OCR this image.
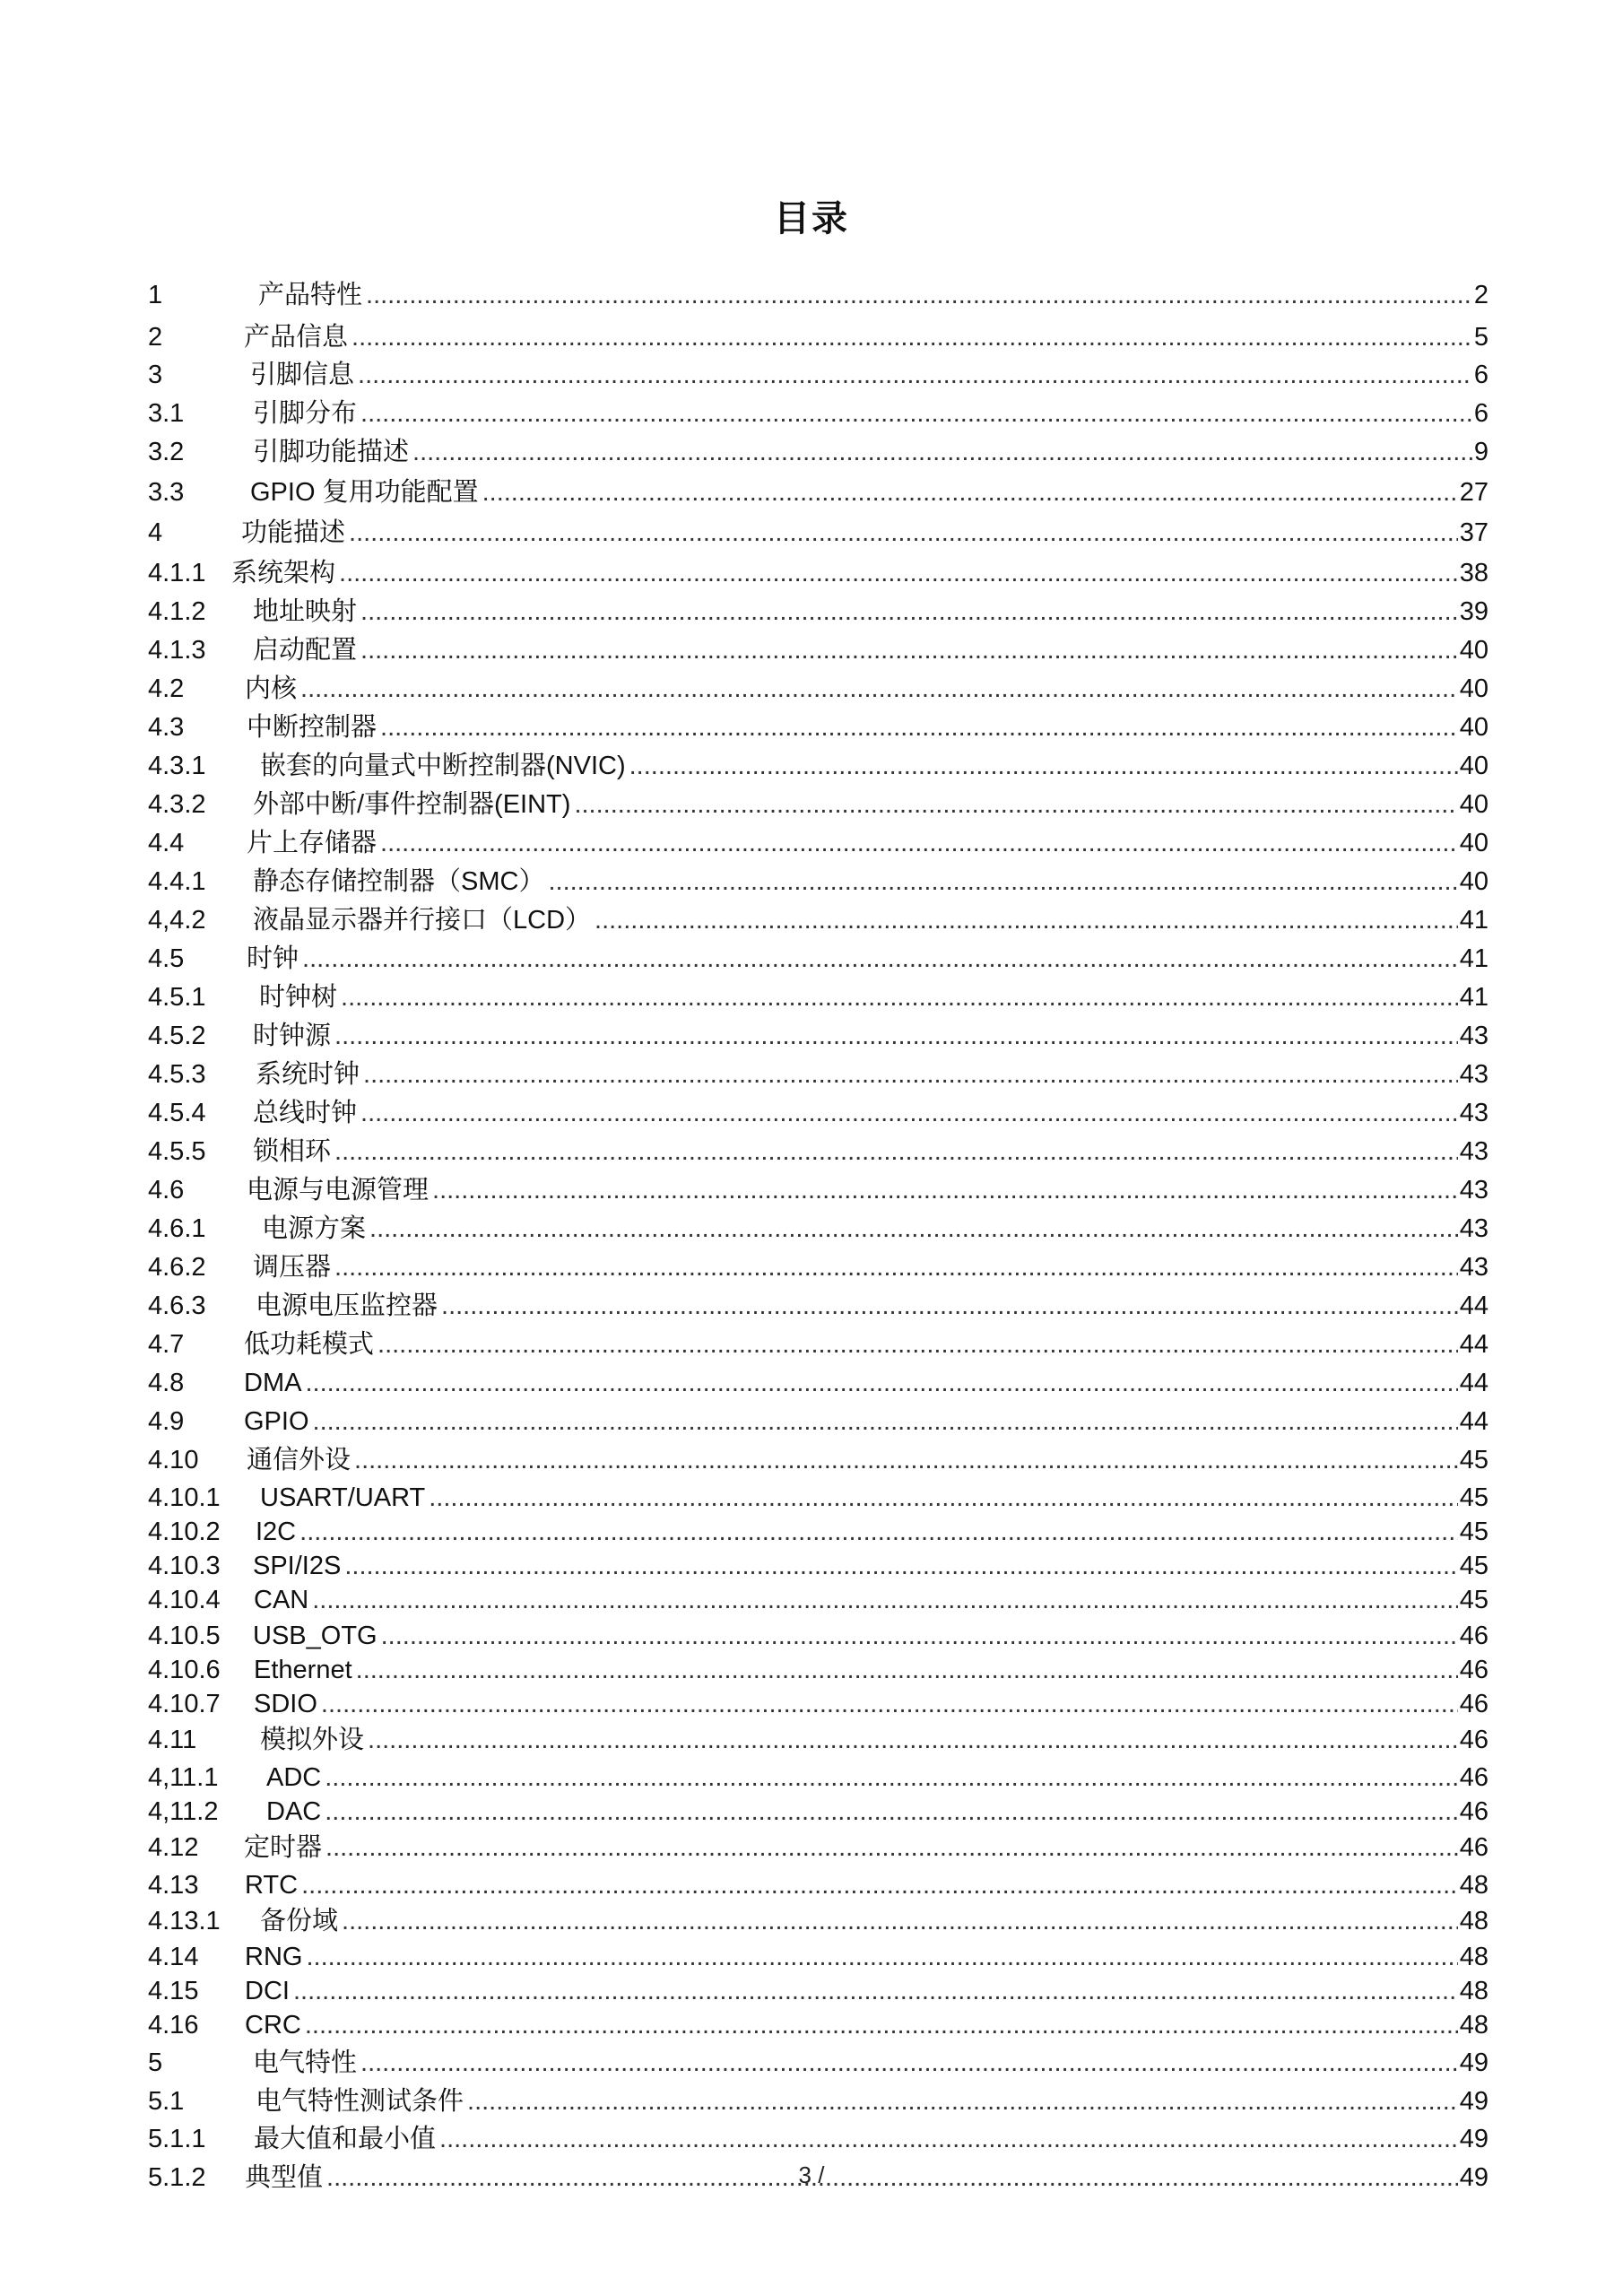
目录
1	产品特性 .....	2
2	产品信息 .....	5
3	引脚信息 .....	6
3.1	引脚分布 .....	6
3.2	引脚功能描述 .....	9
3.3	GPIO 复用功能配置 .....	27
4	功能描述 .....	37
4.1.1 系统架构 .....	38
4.1.2	地址映射 .....	39
4.1.3	启动配置 .....	40
4.2	内核 .....	40
4.3	中断控制器 .....	40
4.3.1	嵌套的向量式中断控制器(NVIC) .....	40
4.3.2	外部中断/事件控制器(EINT) .....	40
4.4	片上存储器 .....	40
4.4.1	静态存储控制器（SMC） .....	40
4,4.2	液晶显示器并行接口（LCD） .....	41
4.5	时钟 .....	41
4.5.1	时钟树 .....	41
4.5.2	时钟源 .....	43
4.5.3	系统时钟 .....	43
4.5.4	总线时钟 .....	43
4.5.5	锁相环 .....	43
4.6	电源与电源管理 .....	43
4.6.1	电源方案 .....	43
4.6.2	调压器 .....	43
4.6.3	电源电压监控器 .....	44
4.7	低功耗模式 .....	44
4.8	DMA .....	44
4.9	GPIO .....	44
4.10	通信外设 .....	45
4.10.1	USART/UART .....	45
4.10.2	I2C .....	45
4.10.3	SPI/I2S .....	45
4.10.4	CAN .....	45
4.10.5	USB_OTG .....	46
4.10.6	Ethernet .....	46
4.10.7	SDIO .....	46
4.11	模拟外设 .....	46
4,11.1	ADC .....	46
4,11.2	DAC .....	46
4.12	定时器 .....	46
4.13	RTC .....	48
4.13.1	备份域 .....	48
4.14	RNG .....	48
4.15	DCI .....	48
4.16	CRC .....	48
5	电气特性 .....	49
5.1	电气特性测试条件 .....	49
5.1.1	最大值和最小值 .....	49
5.1.2	典型值 .....	49
3 /
